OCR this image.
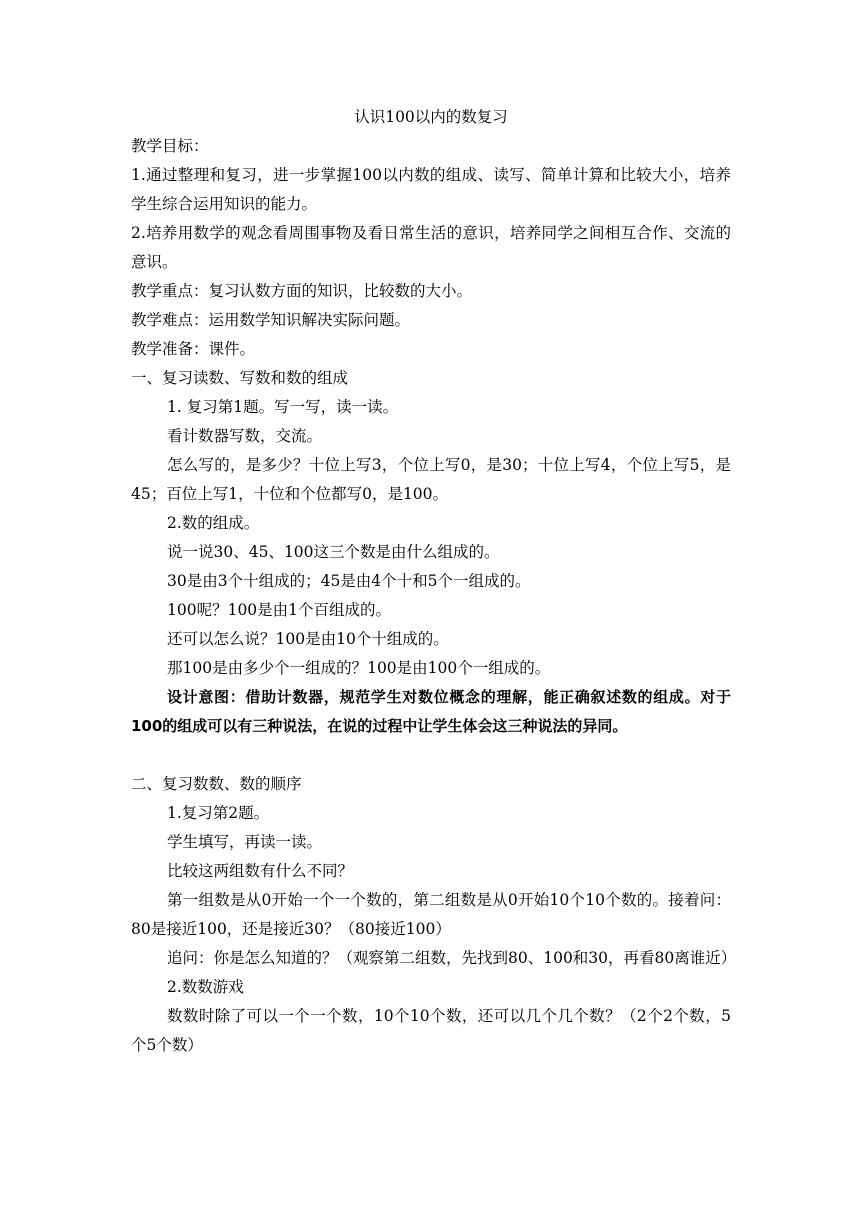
认识100以内的数复习

教学目标：

1.通过整理和复习，进一步掌握100以内数的组成、读写、简单计算和比较大小，培养学生综合运用知识的能力。

2.培养用数学的观念看周围事物及看日常生活的意识，培养同学之间相互合作、交流的意识。

教学重点：复习认数方面的知识，比较数的大小。

教学难点：运用数学知识解决实际问题。

教学准备：课件。

一、复习读数、写数和数的组成

1. 复习第1题。写一写，读一读。

看计数器写数，交流。

怎么写的，是多少？十位上写3，个位上写0，是30；十位上写4，个位上写5，是45；百位上写1，十位和个位都写0，是100。

2.数的组成。

说一说30、45、100这三个数是由什么组成的。

30是由3个十组成的；45是由4个十和5个一组成的。

100呢？100是由1个百组成的。

还可以怎么说？100是由10个十组成的。

那100是由多少个一组成的？100是由100个一组成的。

设计意图：借助计数器，规范学生对数位概念的理解，能正确叙述数的组成。对于100的组成可以有三种说法，在说的过程中让学生体会这三种说法的异同。

二、复习数数、数的顺序

1.复习第2题。

学生填写，再读一读。

比较这两组数有什么不同？

第一组数是从0开始一个一个数的，第二组数是从0开始10个10个数的。接着问：80是接近100，还是接近30？（80接近100）

追问：你是怎么知道的？（观察第二组数，先找到80、100和30，再看80离谁近）

2.数数游戏

数数时除了可以一个一个数，10个10个数，还可以几个几个数？（2个2个数，5个5个数）
